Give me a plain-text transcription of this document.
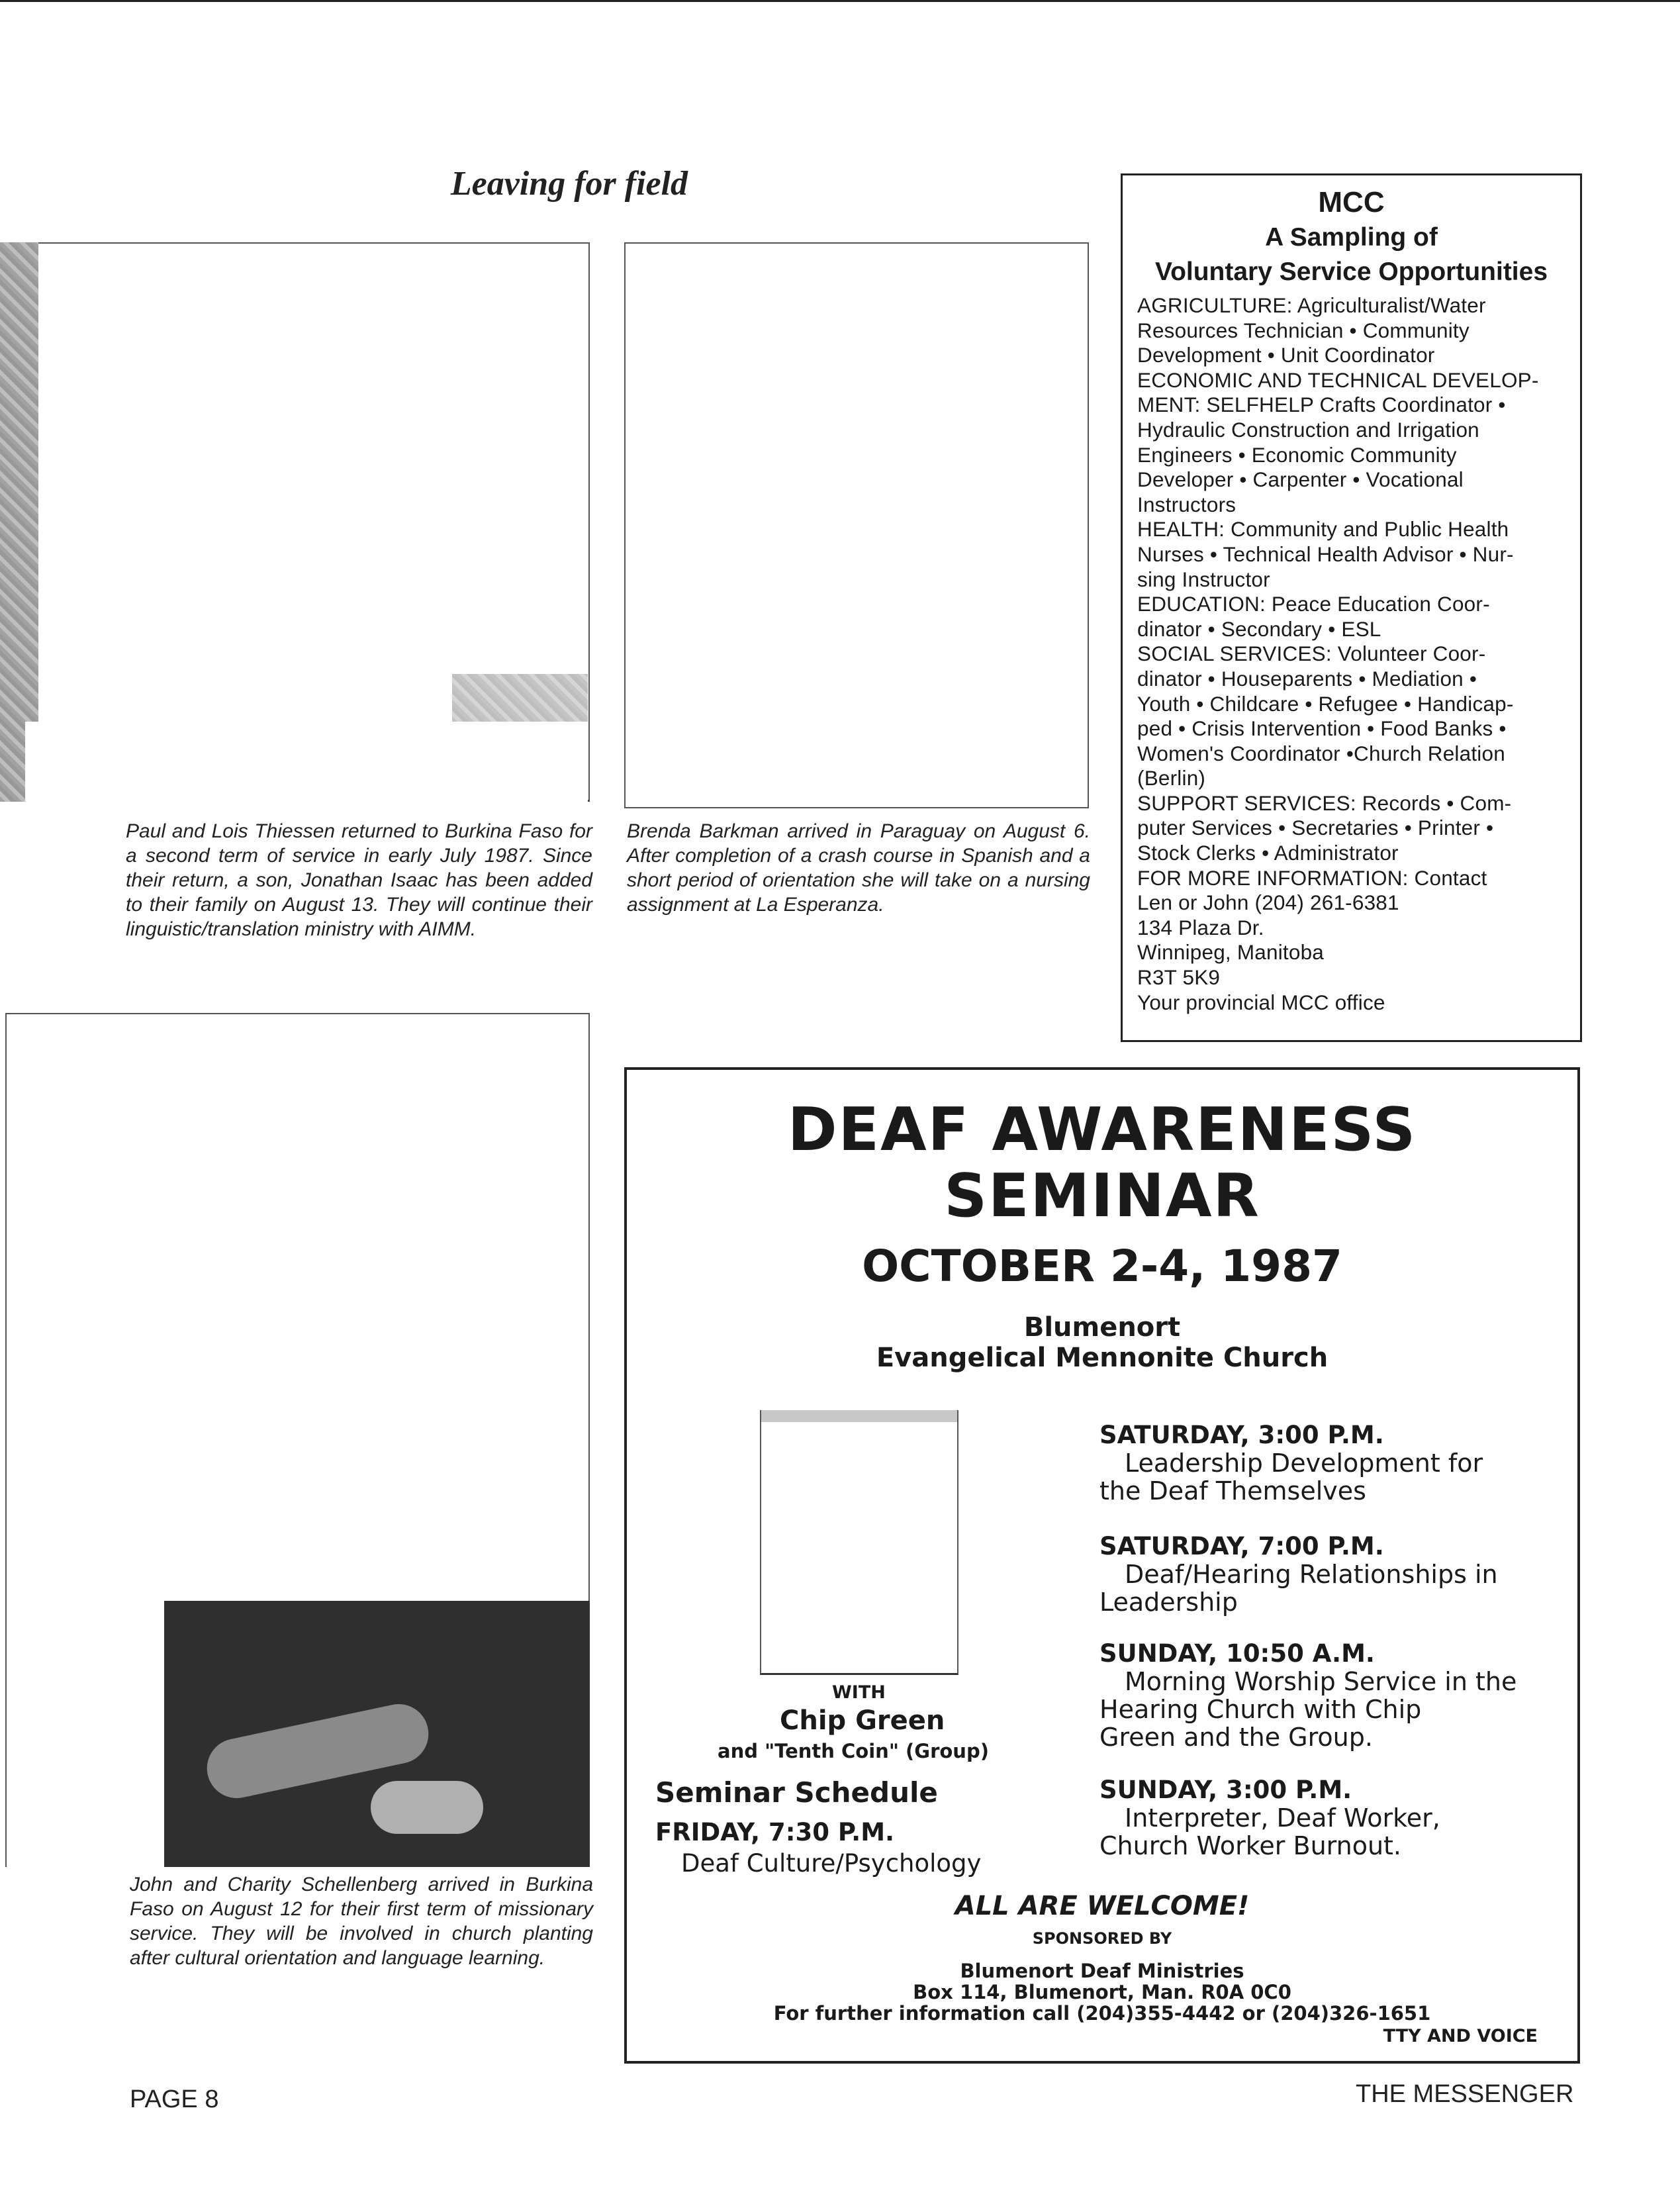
Leaving for field
Paul and Lois Thiessen returned to Burkina Faso for a second term of service in early July 1987. Since their return, a son, Jonathan Isaac has been added to their family on August 13. They will continue their linguistic/translation ministry with AIMM.
Brenda Barkman arrived in Paraguay on August 6. After completion of a crash course in Spanish and a short period of orientation she will take on a nursing assignment at La Esperanza.
John and Charity Schellenberg arrived in Burkina Faso on August 12 for their first term of missionary service. They will be involved in church planting after cultural orientation and language learning.
MCC
A Sampling of
Voluntary Service Opportunities
AGRICULTURE: Agriculturalist/Water
Resources Technician • Community
Development • Unit Coordinator
ECONOMIC AND TECHNICAL DEVELOP-
MENT: SELFHELP Crafts Coordinator •
Hydraulic Construction and Irrigation
Engineers • Economic Community
Developer • Carpenter • Vocational
Instructors
HEALTH: Community and Public Health
Nurses • Technical Health Advisor • Nur-
sing Instructor
EDUCATION: Peace Education Coor-
dinator • Secondary • ESL
SOCIAL SERVICES: Volunteer Coor-
dinator • Houseparents • Mediation •
Youth • Childcare • Refugee • Handicap-
ped • Crisis Intervention • Food Banks •
Women's Coordinator •Church Relation
(Berlin)
SUPPORT SERVICES: Records • Com-
puter Services • Secretaries • Printer •
Stock Clerks • Administrator
FOR MORE INFORMATION: Contact
Len or John (204) 261-6381
134 Plaza Dr.
Winnipeg, Manitoba
R3T 5K9
Your provincial MCC office
DEAF AWARENESS
SEMINAR
OCTOBER 2-4, 1987
Blumenort
Evangelical Mennonite Church
WITH
Chip Green
and "Tenth Coin" (Group)
Seminar Schedule
FRIDAY, 7:30 P.M.
Deaf Culture/Psychology
SATURDAY, 3:00 P.M.
Leadership Development for
the Deaf Themselves
SATURDAY, 7:00 P.M.
Deaf/Hearing Relationships in
Leadership
SUNDAY, 10:50 A.M.
Morning Worship Service in the
Hearing Church with Chip
Green and the Group.
SUNDAY, 3:00 P.M.
Interpreter, Deaf Worker,
Church Worker Burnout.
ALL ARE WELCOME!
SPONSORED BY
Blumenort Deaf Ministries
Box 114, Blumenort, Man. R0A 0C0
For further information call (204)355-4442 or (204)326-1651
TTY AND VOICE
PAGE 8	THE MESSENGER
